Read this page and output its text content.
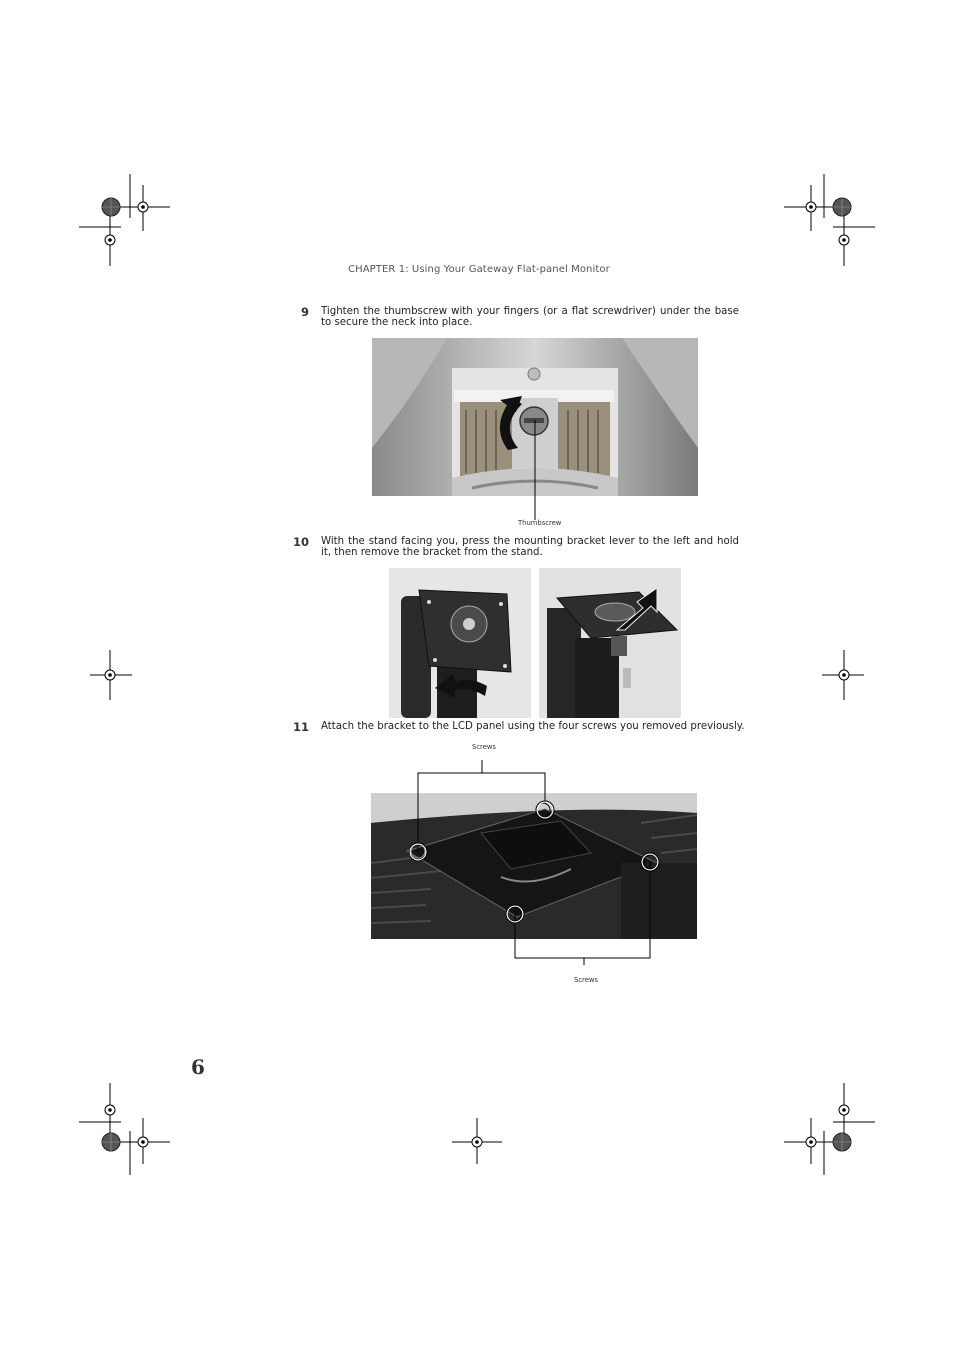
CHAPTER 1: Using Your Gateway Flat-panel Monitor
9 Tighten the thumbscrew with your fingers (or a flat screwdriver) under the base to secure the neck into place.
Thumbscrew
10 With the stand facing you, press the mounting bracket lever to the left and hold it, then remove the bracket from the stand.
11 Attach the bracket to the LCD panel using the four screws you removed previously.
Screws
Screws
6
